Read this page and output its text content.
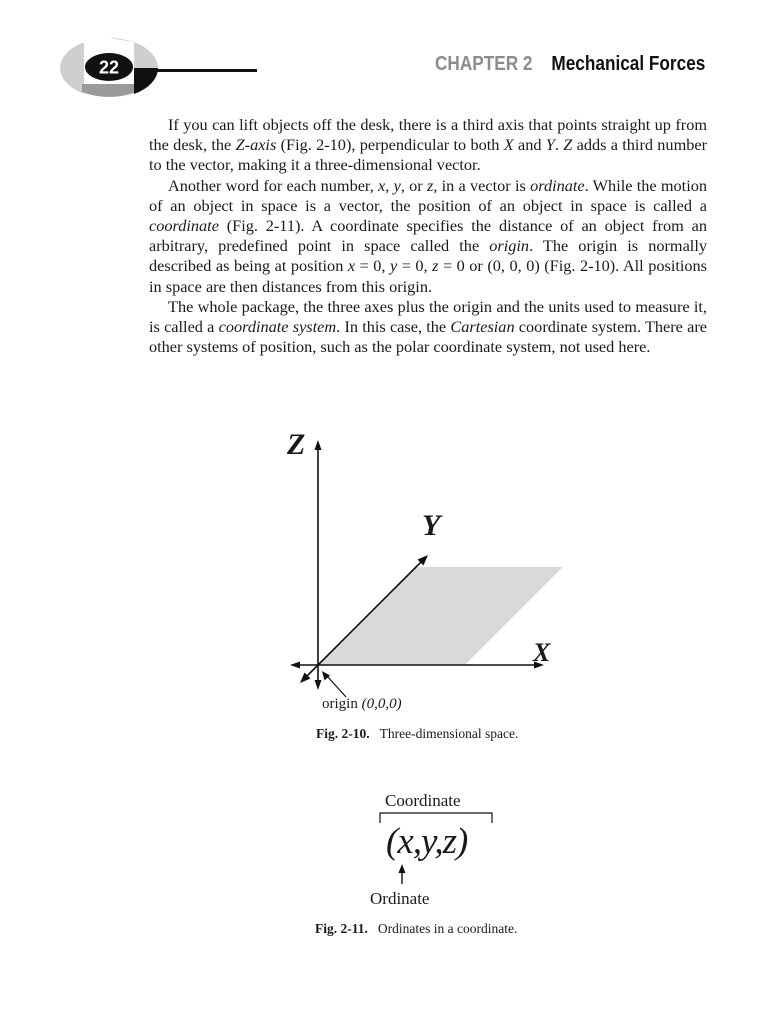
22	CHAPTER 2 Mechanical Forces

If you can lift objects off the desk, there is a third axis that points straight up from the desk, the Z-axis (Fig. 2-10), perpendicular to both X and Y. Z adds a third number to the vector, making it a three-dimensional vector.

Another word for each number, x, y, or z, in a vector is ordinate. While the motion of an object in space is a vector, the position of an object in space is called a coordinate (Fig. 2-11). A coordinate specifies the distance of an object from an arbitrary, predefined point in space called the origin. The origin is normally described as being at position x = 0, y = 0, z = 0 or (0, 0, 0) (Fig. 2-10). All positions in space are then distances from this origin.

The whole package, the three axes plus the origin and the units used to measure it, is called a coordinate system. In this case, the Cartesian coordinate system. There are other systems of position, such as the polar coordinate system, not used here.

Z
Y
X
origin (0,0,0)
Fig. 2-10. Three-dimensional space.
Coordinate
(x,y,z)
Ordinate
Fig. 2-11. Ordinates in a coordinate.
